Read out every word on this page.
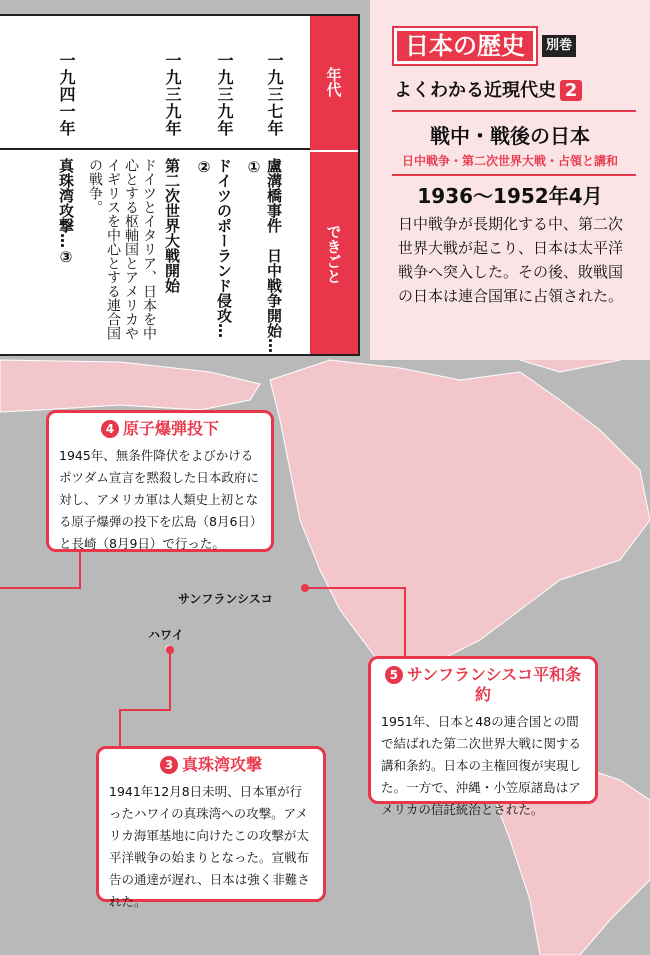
年代
できごと
一九三七年
盧溝橋事件　日中戦争開始…①
一九三九年
ドイツのポーランド侵攻…②
一九三九年
第二次世界大戦開始
ドイツとイタリア、日本を中心とする枢軸国とアメリカやイギリスを中心とする連合国の戦争。
一九四一年
真珠湾攻撃…③
日本の歴史	別巻
よくわかる近現代史 2
戦中・戦後の日本
日中戦争・第二次世界大戦・占領と講和
1936〜1952年4月
日中戦争が長期化する中、第二次世界大戦が起こり、日本は太平洋戦争へ突入した。その後、敗戦国の日本は連合国軍に占領された。
4 原子爆弾投下
1945年、無条件降伏をよびかけるポツダム宣言を黙殺した日本政府に対し、アメリカ軍は人類史上初となる原子爆弾の投下を広島（8月6日）と長崎（8月9日）で行った。
サンフランシスコ
ハワイ
5 サンフランシスコ平和条約
1951年、日本と48の連合国との間で結ばれた第二次世界大戦に関する講和条約。日本の主権回復が実現した。一方で、沖縄・小笠原諸島はアメリカの信託統治とされた。
3 真珠湾攻撃
1941年12月8日未明、日本軍が行ったハワイの真珠湾への攻撃。アメリカ海軍基地に向けたこの攻撃が太平洋戦争の始まりとなった。宣戦布告の通達が遅れ、日本は強く非難された。
